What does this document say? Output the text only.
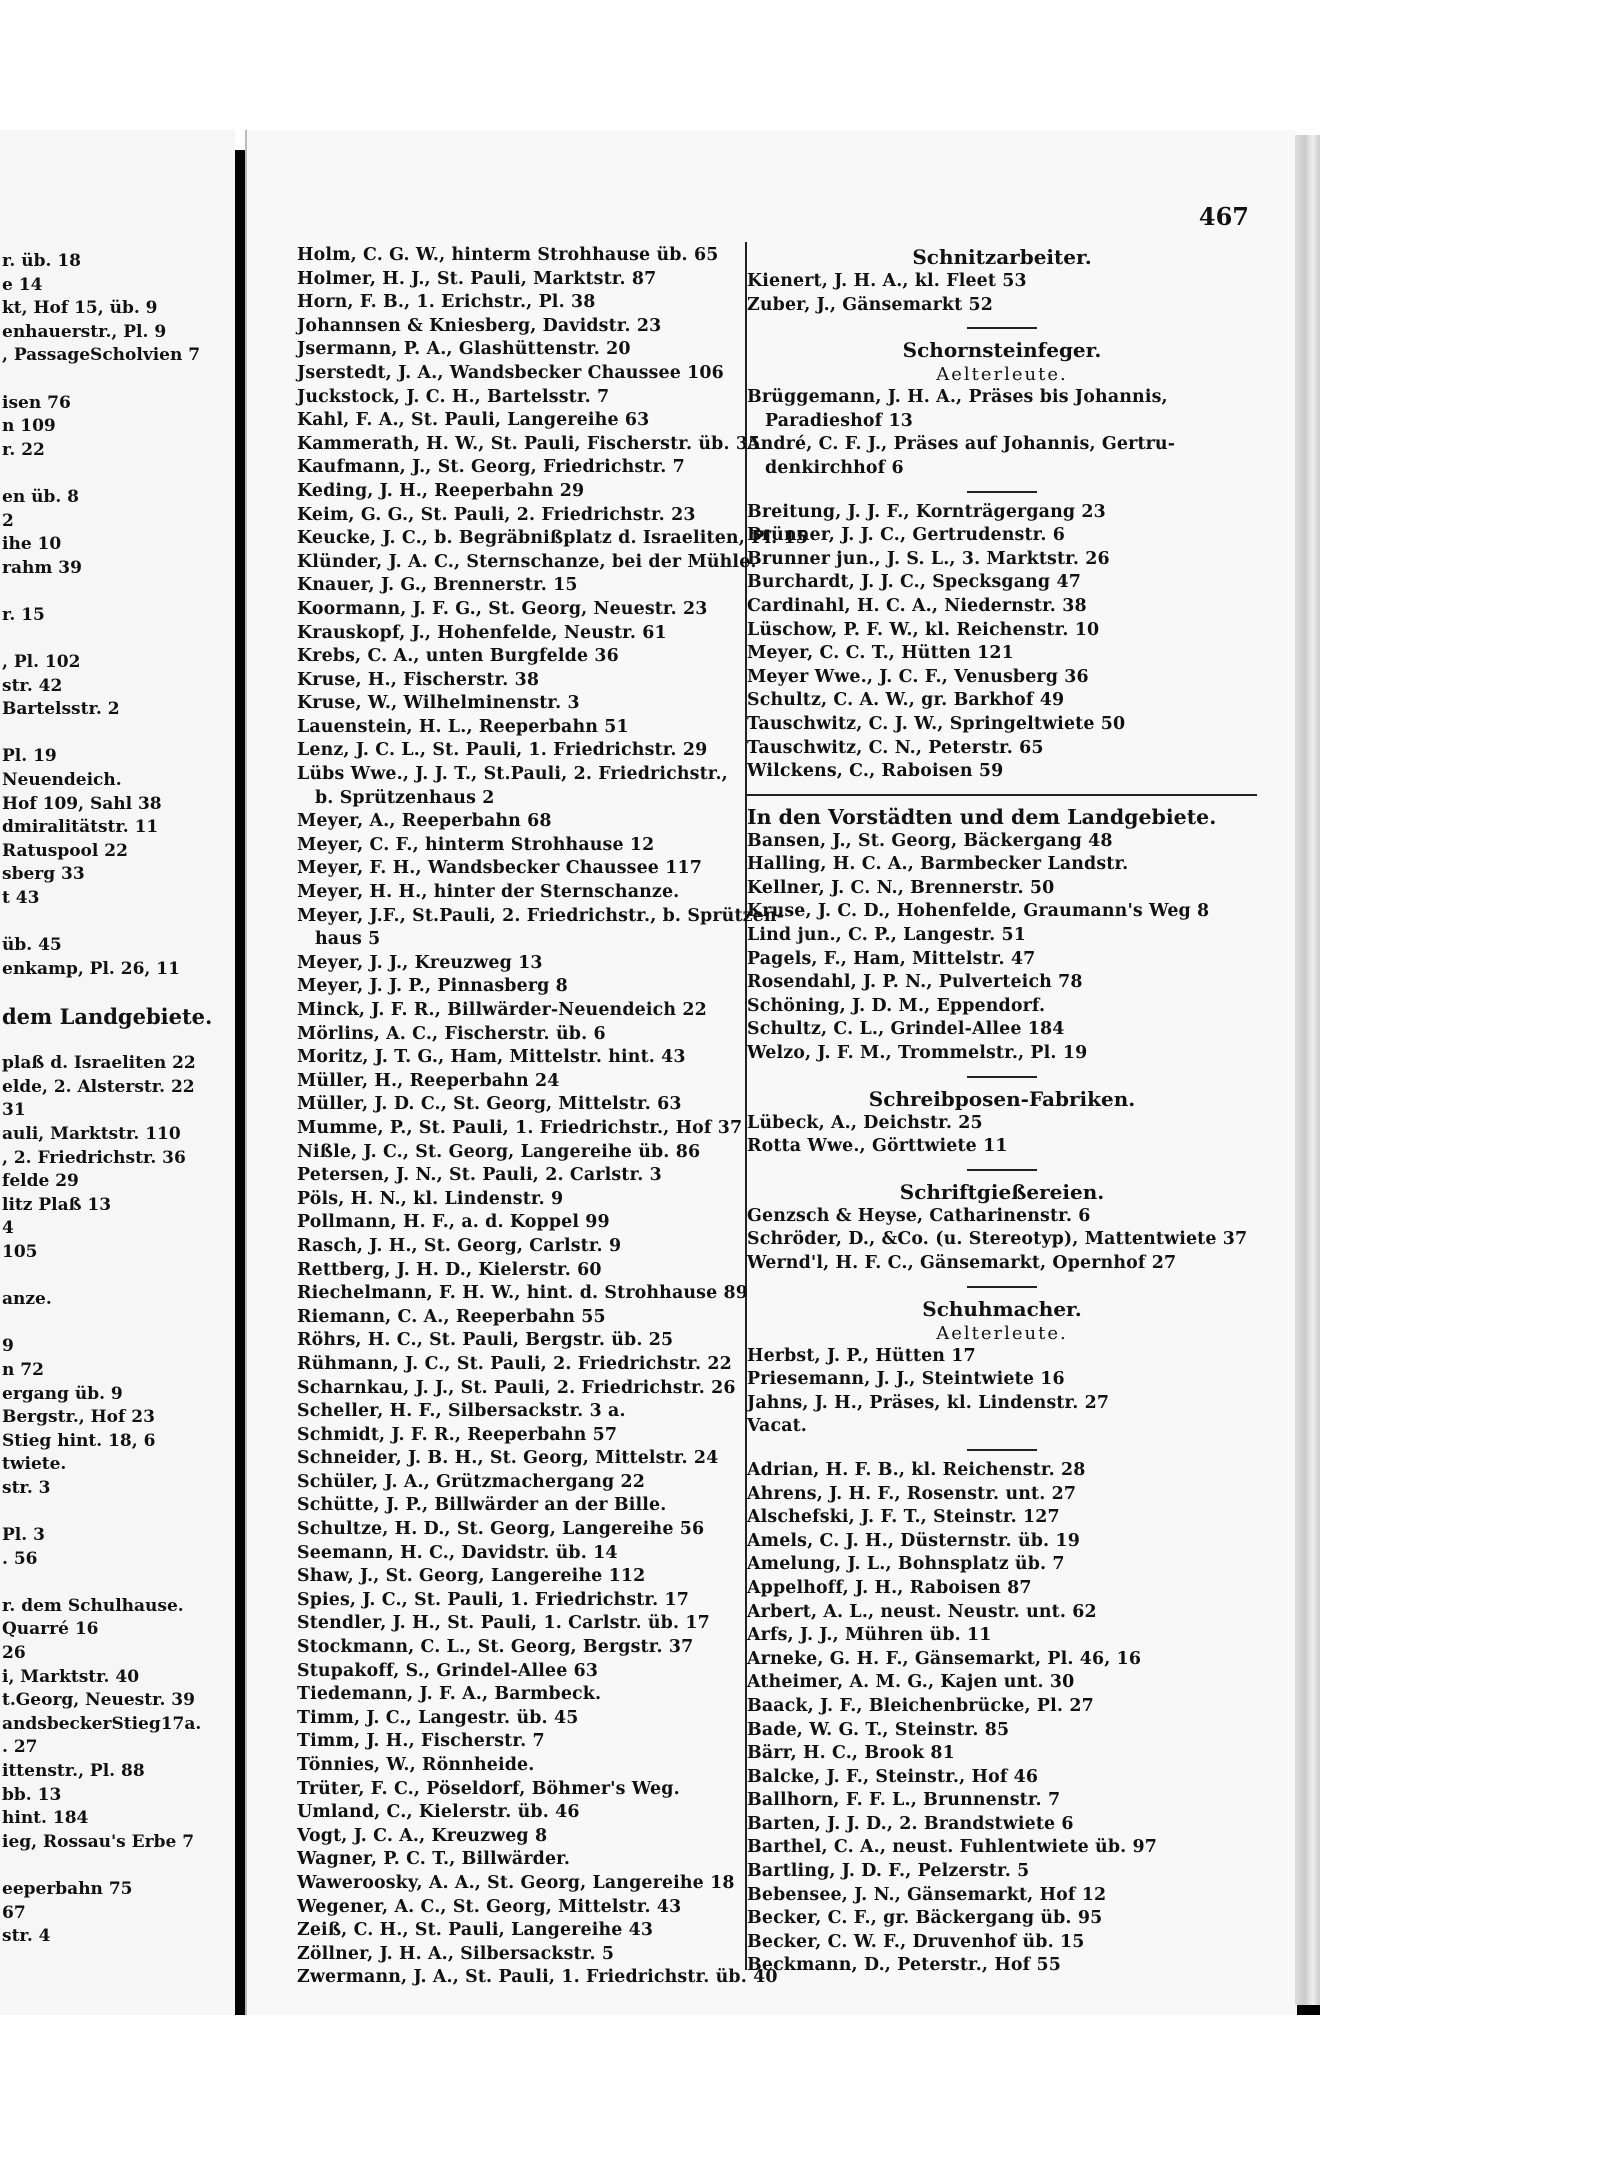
r. üb. 18
e 14
kt, Hof 15, üb. 9
enhauerstr., Pl. 9
, PassageScholvien 7
isen 76
n 109
r. 22
en üb. 8
2
ihe 10
rahm 39
r. 15
, Pl. 102
str. 42
Bartelsstr. 2
Pl. 19
Neuendeich.
Hof 109, Sahl 38
dmiralitätstr. 11
Ratuspool 22
sberg 33
t 43
üb. 45
enkamp, Pl. 26, 11
dem Landgebiete.
plaß d. Israeliten 22
elde, 2. Alsterstr. 22
31
auli, Marktstr. 110
, 2. Friedrichstr. 36
felde 29
litz Plaß 13
4
105
anze.
9
n 72
ergang üb. 9
Bergstr., Hof 23
Stieg hint. 18, 6
twiete.
str. 3
Pl. 3
. 56
r. dem Schulhause.
Quarré 16
26
i, Marktstr. 40
t.Georg, Neuestr. 39
andsbeckerStieg17a.
. 27
ittenstr., Pl. 88
bb. 13
hint. 184
ieg, Rossau's Erbe 7
eeperbahn 75
67
str. 4
467
Holm, C. G. W., hinterm Strohhause üb. 65
Holmer, H. J., St. Pauli, Marktstr. 87
Horn, F. B., 1. Erichstr., Pl. 38
Johannsen & Kniesberg, Davidstr. 23
Jsermann, P. A., Glashüttenstr. 20
Jserstedt, J. A., Wandsbecker Chaussee 106
Juckstock, J. C. H., Bartelsstr. 7
Kahl, F. A., St. Pauli, Langereihe 63
Kammerath, H. W., St. Pauli, Fischerstr. üb. 35
Kaufmann, J., St. Georg, Friedrichstr. 7
Keding, J. H., Reeperbahn 29
Keim, G. G., St. Pauli, 2. Friedrichstr. 23
Keucke, J. C., b. Begräbnißplatz d. Israeliten, Pl. 15
Klünder, J. A. C., Sternschanze, bei der Mühle.
Knauer, J. G., Brennerstr. 15
Koormann, J. F. G., St. Georg, Neuestr. 23
Krauskopf, J., Hohenfelde, Neustr. 61
Krebs, C. A., unten Burgfelde 36
Kruse, H., Fischerstr. 38
Kruse, W., Wilhelminenstr. 3
Lauenstein, H. L., Reeperbahn 51
Lenz, J. C. L., St. Pauli, 1. Friedrichstr. 29
Lübs Wwe., J. J. T., St.Pauli, 2. Friedrichstr.,
b. Sprützenhaus 2
Meyer, A., Reeperbahn 68
Meyer, C. F., hinterm Strohhause 12
Meyer, F. H., Wandsbecker Chaussee 117
Meyer, H. H., hinter der Sternschanze.
Meyer, J.F., St.Pauli, 2. Friedrichstr., b. Sprützen-
haus 5
Meyer, J. J., Kreuzweg 13
Meyer, J. J. P., Pinnasberg 8
Minck, J. F. R., Billwärder-Neuendeich 22
Mörlins, A. C., Fischerstr. üb. 6
Moritz, J. T. G., Ham, Mittelstr. hint. 43
Müller, H., Reeperbahn 24
Müller, J. D. C., St. Georg, Mittelstr. 63
Mumme, P., St. Pauli, 1. Friedrichstr., Hof 37
Nißle, J. C., St. Georg, Langereihe üb. 86
Petersen, J. N., St. Pauli, 2. Carlstr. 3
Pöls, H. N., kl. Lindenstr. 9
Pollmann, H. F., a. d. Koppel 99
Rasch, J. H., St. Georg, Carlstr. 9
Rettberg, J. H. D., Kielerstr. 60
Riechelmann, F. H. W., hint. d. Strohhause 89
Riemann, C. A., Reeperbahn 55
Röhrs, H. C., St. Pauli, Bergstr. üb. 25
Rühmann, J. C., St. Pauli, 2. Friedrichstr. 22
Scharnkau, J. J., St. Pauli, 2. Friedrichstr. 26
Scheller, H. F., Silbersackstr. 3 a.
Schmidt, J. F. R., Reeperbahn 57
Schneider, J. B. H., St. Georg, Mittelstr. 24
Schüler, J. A., Grützmachergang 22
Schütte, J. P., Billwärder an der Bille.
Schultze, H. D., St. Georg, Langereihe 56
Seemann, H. C., Davidstr. üb. 14
Shaw, J., St. Georg, Langereihe 112
Spies, J. C., St. Pauli, 1. Friedrichstr. 17
Stendler, J. H., St. Pauli, 1. Carlstr. üb. 17
Stockmann, C. L., St. Georg, Bergstr. 37
Stupakoff, S., Grindel-Allee 63
Tiedemann, J. F. A., Barmbeck.
Timm, J. C., Langestr. üb. 45
Timm, J. H., Fischerstr. 7
Tönnies, W., Rönnheide.
Trüter, F. C., Pöseldorf, Böhmer's Weg.
Umland, C., Kielerstr. üb. 46
Vogt, J. C. A., Kreuzweg 8
Wagner, P. C. T., Billwärder.
Waweroosky, A. A., St. Georg, Langereihe 18
Wegener, A. C., St. Georg, Mittelstr. 43
Zeiß, C. H., St. Pauli, Langereihe 43
Zöllner, J. H. A., Silbersackstr. 5
Zwermann, J. A., St. Pauli, 1. Friedrichstr. üb. 40
Schnitzarbeiter.
Kienert, J. H. A., kl. Fleet 53
Zuber, J., Gänsemarkt 52
Schornsteinfeger.
Aelterleute.
Brüggemann, J. H. A., Präses bis Johannis,
Paradieshof 13
André, C. F. J., Präses auf Johannis, Gertru-
denkirchhof 6
Breitung, J. J. F., Kornträgergang 23
Brünner, J. J. C., Gertrudenstr. 6
Brunner jun., J. S. L., 3. Marktstr. 26
Burchardt, J. J. C., Specksgang 47
Cardinahl, H. C. A., Niedernstr. 38
Lüschow, P. F. W., kl. Reichenstr. 10
Meyer, C. C. T., Hütten 121
Meyer Wwe., J. C. F., Venusberg 36
Schultz, C. A. W., gr. Barkhof 49
Tauschwitz, C. J. W., Springeltwiete 50
Tauschwitz, C. N., Peterstr. 65
Wilckens, C., Raboisen 59
In den Vorstädten und dem Landgebiete.
Bansen, J., St. Georg, Bäckergang 48
Halling, H. C. A., Barmbecker Landstr.
Kellner, J. C. N., Brennerstr. 50
Kruse, J. C. D., Hohenfelde, Graumann's Weg 8
Lind jun., C. P., Langestr. 51
Pagels, F., Ham, Mittelstr. 47
Rosendahl, J. P. N., Pulverteich 78
Schöning, J. D. M., Eppendorf.
Schultz, C. L., Grindel-Allee 184
Welzo, J. F. M., Trommelstr., Pl. 19
Schreibposen-Fabriken.
Lübeck, A., Deichstr. 25
Rotta Wwe., Görttwiete 11
Schriftgießereien.
Genzsch & Heyse, Catharinenstr. 6
Schröder, D., &Co. (u. Stereotyp), Mattentwiete 37
Wernd'l, H. F. C., Gänsemarkt, Opernhof 27
Schuhmacher.
Aelterleute.
Herbst, J. P., Hütten 17
Priesemann, J. J., Steintwiete 16
Jahns, J. H., Präses, kl. Lindenstr. 27
Vacat.
Adrian, H. F. B., kl. Reichenstr. 28
Ahrens, J. H. F., Rosenstr. unt. 27
Alschefski, J. F. T., Steinstr. 127
Amels, C. J. H., Düsternstr. üb. 19
Amelung, J. L., Bohnsplatz üb. 7
Appelhoff, J. H., Raboisen 87
Arbert, A. L., neust. Neustr. unt. 62
Arfs, J. J., Mühren üb. 11
Arneke, G. H. F., Gänsemarkt, Pl. 46, 16
Atheimer, A. M. G., Kajen unt. 30
Baack, J. F., Bleichenbrücke, Pl. 27
Bade, W. G. T., Steinstr. 85
Bärr, H. C., Brook 81
Balcke, J. F., Steinstr., Hof 46
Ballhorn, F. F. L., Brunnenstr. 7
Barten, J. J. D., 2. Brandstwiete 6
Barthel, C. A., neust. Fuhlentwiete üb. 97
Bartling, J. D. F., Pelzerstr. 5
Bebensee, J. N., Gänsemarkt, Hof 12
Becker, C. F., gr. Bäckergang üb. 95
Becker, C. W. F., Druvenhof üb. 15
Beckmann, D., Peterstr., Hof 55
